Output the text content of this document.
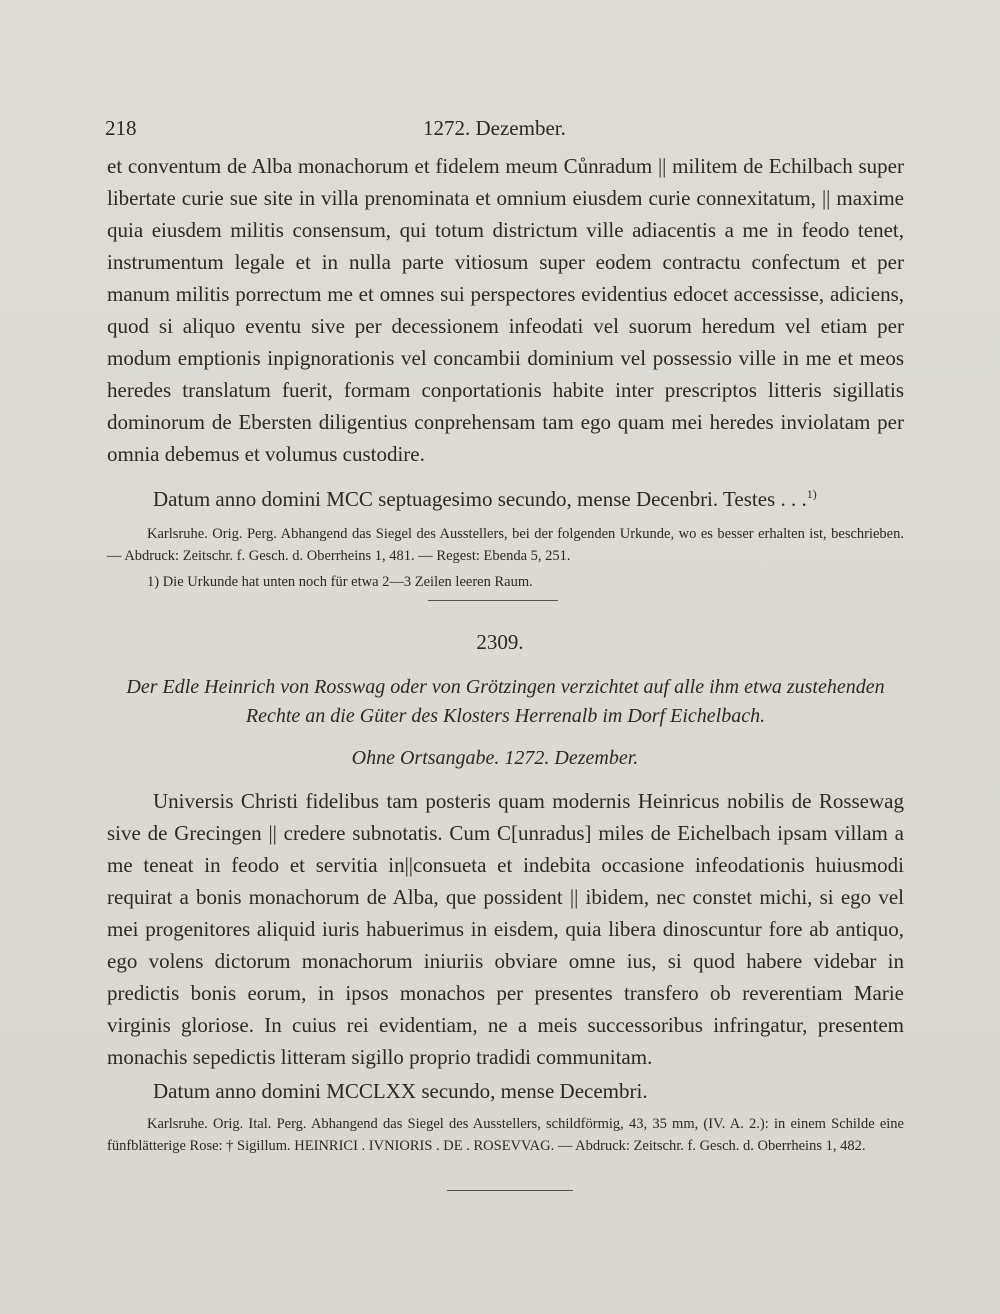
218	1272. Dezember.

et conventum de Alba monachorum et fidelem meum Cůnradum || militem de Echilbach super libertate curie sue site in villa prenominata et omnium eiusdem curie connexitatum, || maxime quia eiusdem militis consensum, qui totum districtum ville adiacentis a me in feodo tenet, instrumentum legale et in nulla parte vitiosum super eodem contractu confectum et per manum militis porrectum me et omnes sui perspectores evidentius edocet accessisse, adiciens, quod si aliquo eventu sive per decessionem infeodati vel suorum heredum vel etiam per modum emptionis inpignorationis vel concambii dominium vel possessio ville in me et meos heredes translatum fuerit, formam conportationis habite inter prescriptos litteris sigillatis dominorum de Ebersten diligentius conprehensam tam ego quam mei heredes inviolatam per omnia debemus et volumus custodire.

Datum anno domini MCC septuagesimo secundo, mense Decenbri. Testes . . .$^{1)}$

Karlsruhe. Orig. Perg. Abhangend das Siegel des Ausstellers, bei der folgenden Urkunde, wo es besser erhalten ist, beschrieben. — Abdruck: Zeitschr. f. Gesch. d. Oberrheins 1, 481. — Regest: Ebenda 5, 251.

1) Die Urkunde hat unten noch für etwa 2—3 Zeilen leeren Raum.

2309.

Der Edle Heinrich von Rosswag oder von Grötzingen verzichtet auf alle ihm etwa zustehenden Rechte an die Güter des Klosters Herrenalb im Dorf Eichelbach.

Ohne Ortsangabe. 1272. Dezember.

Universis Christi fidelibus tam posteris quam modernis Heinricus nobilis de Rossewag sive de Grecingen || credere subnotatis. Cum C[unradus] miles de Eichelbach ipsam villam a me teneat in feodo et servitia in||consueta et indebita occasione infeodationis huiusmodi requirat a bonis monachorum de Alba, que possident || ibidem, nec constet michi, si ego vel mei progenitores aliquid iuris habuerimus in eisdem, quia libera dinoscuntur fore ab antiquo, ego volens dictorum monachorum iniuriis obviare omne ius, si quod habere videbar in predictis bonis eorum, in ipsos monachos per presentes transfero ob reverentiam Marie virginis gloriose. In cuius rei evidentiam, ne a meis successoribus infringatur, presentem monachis sepedictis litteram sigillo proprio tradidi communitam.

Datum anno domini MCCLXX secundo, mense Decembri.

Karlsruhe. Orig. Ital. Perg. Abhangend das Siegel des Ausstellers, schildförmig, 43, 35 mm, (IV. A. 2.): in einem Schilde eine fünfblätterige Rose: † Sigillum. HEINRICI . IVNIORIS . DE . ROSEVVAG. — Abdruck: Zeitschr. f. Gesch. d. Oberrheins 1, 482.
